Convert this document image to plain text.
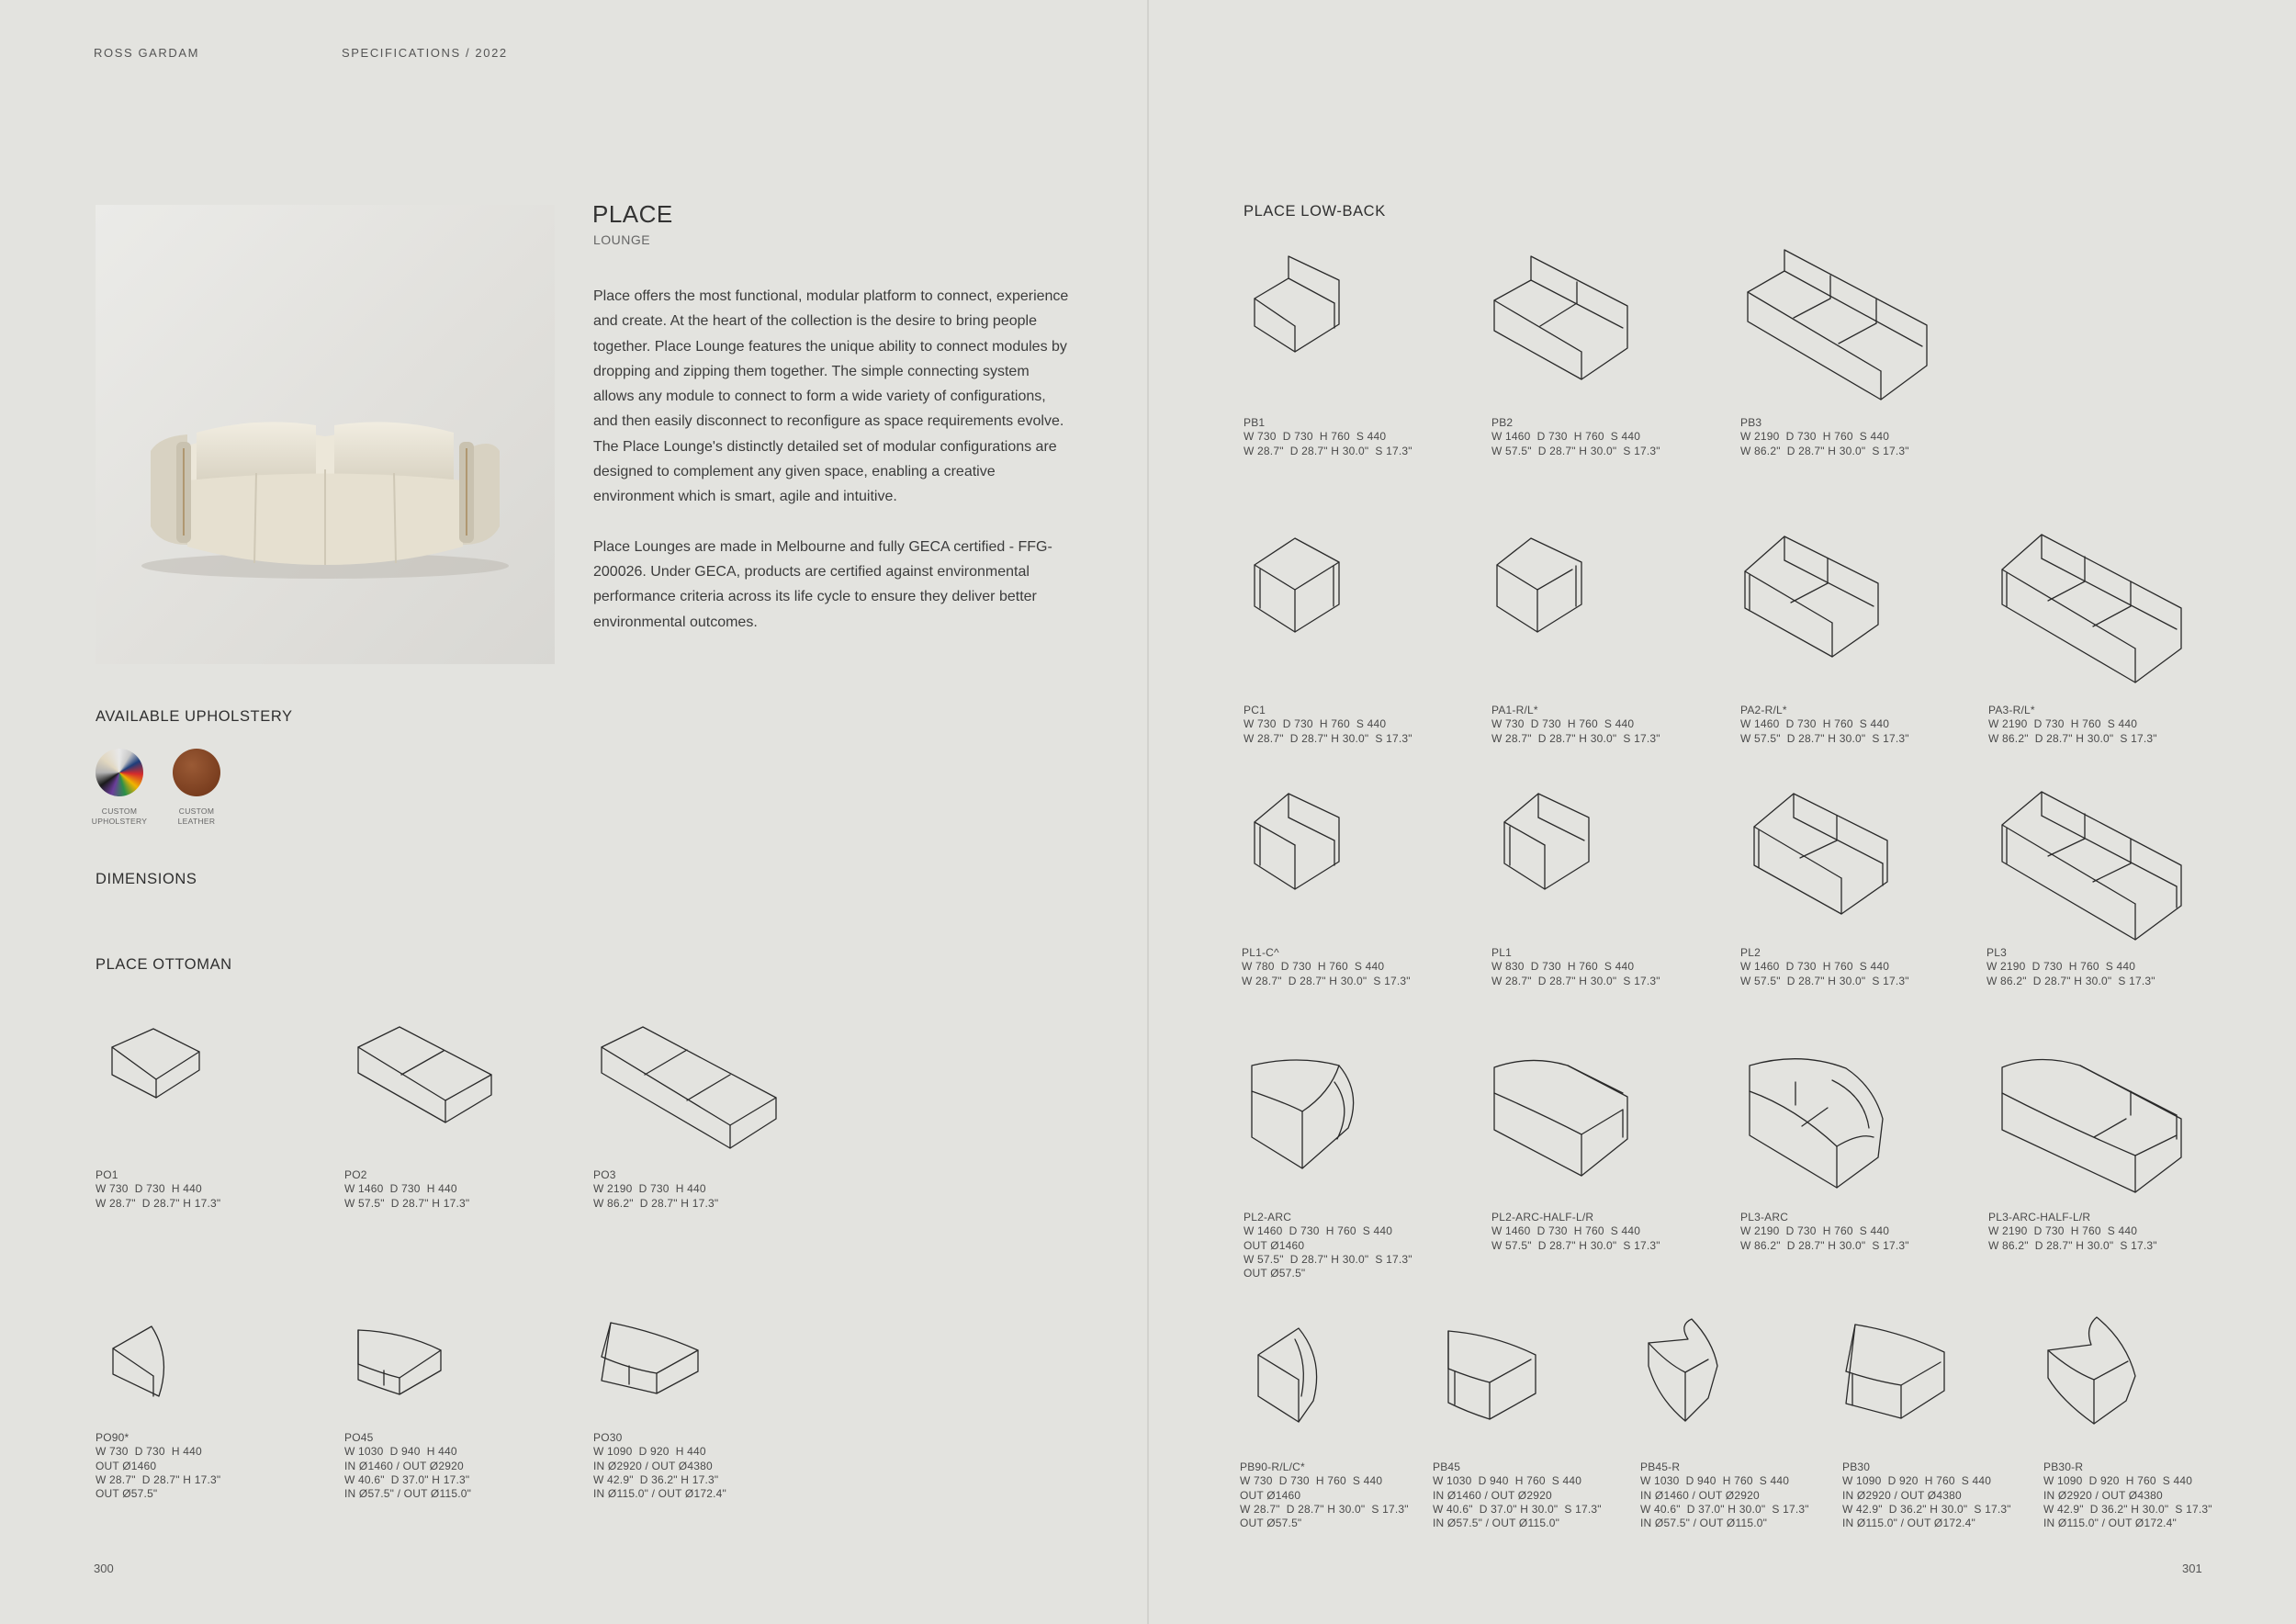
ROSS GARDAM	SPECIFICATIONS / 2022
PLACE
LOUNGE

Place offers the most functional, modular platform to connect, experience and create. At the heart of the collection is the desire to bring people together. Place Lounge features the unique ability to connect modules by dropping and zipping them together. The simple connecting system allows any module to connect to form a wide variety of configurations, and then easily disconnect to reconfigure as space requirements evolve.

The Place Lounge's distinctly detailed set of modular configurations are designed to complement any given space, enabling a creative environment which is smart, agile and intuitive.

Place Lounges are made in Melbourne and fully GECA certified - FFG-200026. Under GECA, products are certified against environmental performance criteria across its life cycle to ensure they deliver better environmental outcomes.

AVAILABLE UPHOLSTERY
CUSTOM
UPHOLSTERY
CUSTOM
LEATHER
DIMENSIONS
PLACE OTTOMAN
PO1
W 730  D 730  H 440
W 28.7"  D 28.7" H 17.3"
PO2
W 1460  D 730  H 440
W 57.5"  D 28.7" H 17.3"
PO3
W 2190  D 730  H 440
W 86.2"  D 28.7" H 17.3"
PO90*
W 730  D 730  H 440
OUT Ø1460
W 28.7"  D 28.7" H 17.3"
OUT Ø57.5"
PO45
W 1030  D 940  H 440
IN Ø1460 / OUT Ø2920
W 40.6"  D 37.0" H 17.3"
IN Ø57.5" / OUT Ø115.0"
PO30
W 1090  D 920  H 440
IN Ø2920 / OUT Ø4380
W 42.9"  D 36.2" H 17.3"
IN Ø115.0" / OUT Ø172.4"
300
PLACE LOW-BACK
PB1
W 730  D 730  H 760  S 440
W 28.7"  D 28.7" H 30.0"  S 17.3"
PB2
W 1460  D 730  H 760  S 440
W 57.5"  D 28.7" H 30.0"  S 17.3"
PB3
W 2190  D 730  H 760  S 440
W 86.2"  D 28.7" H 30.0"  S 17.3"
PC1
W 730  D 730  H 760  S 440
W 28.7"  D 28.7" H 30.0"  S 17.3"
PA1-R/L*
W 730  D 730  H 760  S 440
W 28.7"  D 28.7" H 30.0"  S 17.3"
PA2-R/L*
W 1460  D 730  H 760  S 440
W 57.5"  D 28.7" H 30.0"  S 17.3"
PA3-R/L*
W 2190  D 730  H 760  S 440
W 86.2"  D 28.7" H 30.0"  S 17.3"
PL1-C^
W 780  D 730  H 760  S 440
W 28.7"  D 28.7" H 30.0"  S 17.3"
PL1
W 830  D 730  H 760  S 440
W 28.7"  D 28.7" H 30.0"  S 17.3"
PL2
W 1460  D 730  H 760  S 440
W 57.5"  D 28.7" H 30.0"  S 17.3"
PL3
W 2190  D 730  H 760  S 440
W 86.2"  D 28.7" H 30.0"  S 17.3"
PL2-ARC
W 1460  D 730  H 760  S 440
OUT Ø1460
W 57.5"  D 28.7" H 30.0"  S 17.3"
OUT Ø57.5"
PL2-ARC-HALF-L/R
W 1460  D 730  H 760  S 440
W 57.5"  D 28.7" H 30.0"  S 17.3"
PL3-ARC
W 2190  D 730  H 760  S 440
W 86.2"  D 28.7" H 30.0"  S 17.3"
PL3-ARC-HALF-L/R
W 2190  D 730  H 760  S 440
W 86.2"  D 28.7" H 30.0"  S 17.3"
PB90-R/L/C*
W 730  D 730  H 760  S 440
OUT Ø1460
W 28.7"  D 28.7" H 30.0"  S 17.3"
OUT Ø57.5"
PB45
W 1030  D 940  H 760  S 440
IN Ø1460 / OUT Ø2920
W 40.6"  D 37.0" H 30.0"  S 17.3"
IN Ø57.5" / OUT Ø115.0"
PB45-R
W 1030  D 940  H 760  S 440
IN Ø1460 / OUT Ø2920
W 40.6"  D 37.0" H 30.0"  S 17.3"
IN Ø57.5" / OUT Ø115.0"
PB30
W 1090  D 920  H 760  S 440
IN Ø2920 / OUT Ø4380
W 42.9"  D 36.2" H 30.0"  S 17.3"
IN Ø115.0" / OUT Ø172.4"
PB30-R
W 1090  D 920  H 760  S 440
IN Ø2920 / OUT Ø4380
W 42.9"  D 36.2" H 30.0"  S 17.3"
IN Ø115.0" / OUT Ø172.4"
301
